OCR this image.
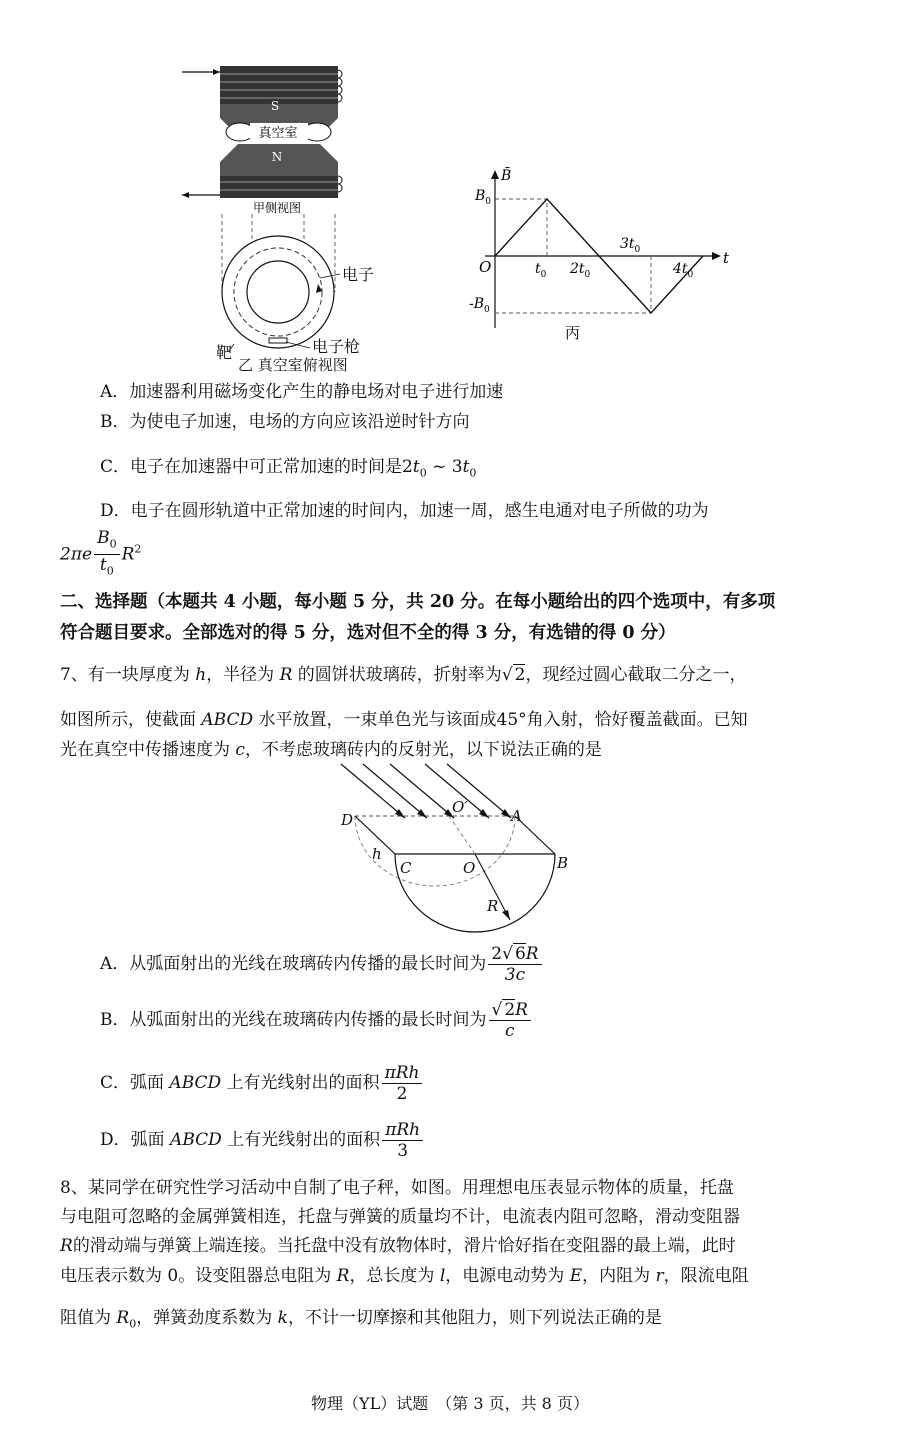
S
真空室
N
甲侧视图
电子
电子枪
靶
乙 真空室俯视图
B̄
t
$B_0$
$-B_0$
O	$t_0$ $2t_0$
$3t_0$
$4t_0$
丙
A．加速器利用磁场变化产生的静电场对电子进行加速
B．为使电子加速，电场的方向应该沿逆时针方向
C．电子在加速器中可正常加速的时间是$2t_0$ ~ $3t_0$
D．电子在圆形轨道中正常加速的时间内，加速一周，感生电通对电子所做的功为
$2\pi e \frac{B_0}{t_0} R^2$
二、选择题（本题共 4 小题，每小题 5 分，共 20 分。在每小题给出的四个选项中，有多项
符合题目要求。全部选对的得 5 分，选对但不全的得 3 分，有选错的得 0 分）
7、有一块厚度为 h，半径为 R 的圆饼状玻璃砖，折射率为√ 2，现经过圆心截取二分之一，
如图所示，使截面 ABCD 水平放置，一束单色光与该面成45°角入射，恰好覆盖截面。已知
光在真空中传播速度为 c，不考虑玻璃砖内的反射光，以下说法正确的是
D	A
B
C	O
O′
h
R
A．从弧面射出的光线在玻璃砖内传播的最长时间为 $\frac{2√ 6R}{3c}$
B．从弧面射出的光线在玻璃砖内传播的最长时间为 $\frac{√ 2R}{c}$
C．弧面 ABCD 上有光线射出的面积 $\frac{\text{πRh}}{2}$
D．弧面 ABCD 上有光线射出的面积 $\frac{\text{πRh}}{3}$
8、某同学在研究性学习活动中自制了电子秤，如图。用理想电压表显示物体的质量，托盘
与电阻可忽略的金属弹簧相连，托盘与弹簧的质量均不计，电流表内阻可忽略，滑动变阻器
R的滑动端与弹簧上端连接。当托盘中没有放物体时，滑片恰好指在变阻器的最上端，此时
电压表示数为 0。设变阻器总电阻为 R，总长度为 l，电源电动势为 E，内阻为 r，限流电阻
阻值为 $R_0$，弹簧劲度系数为 k，不计一切摩擦和其他阻力，则下列说法正确的是
物理（YL）试题　（第 3 页，共 8 页）
